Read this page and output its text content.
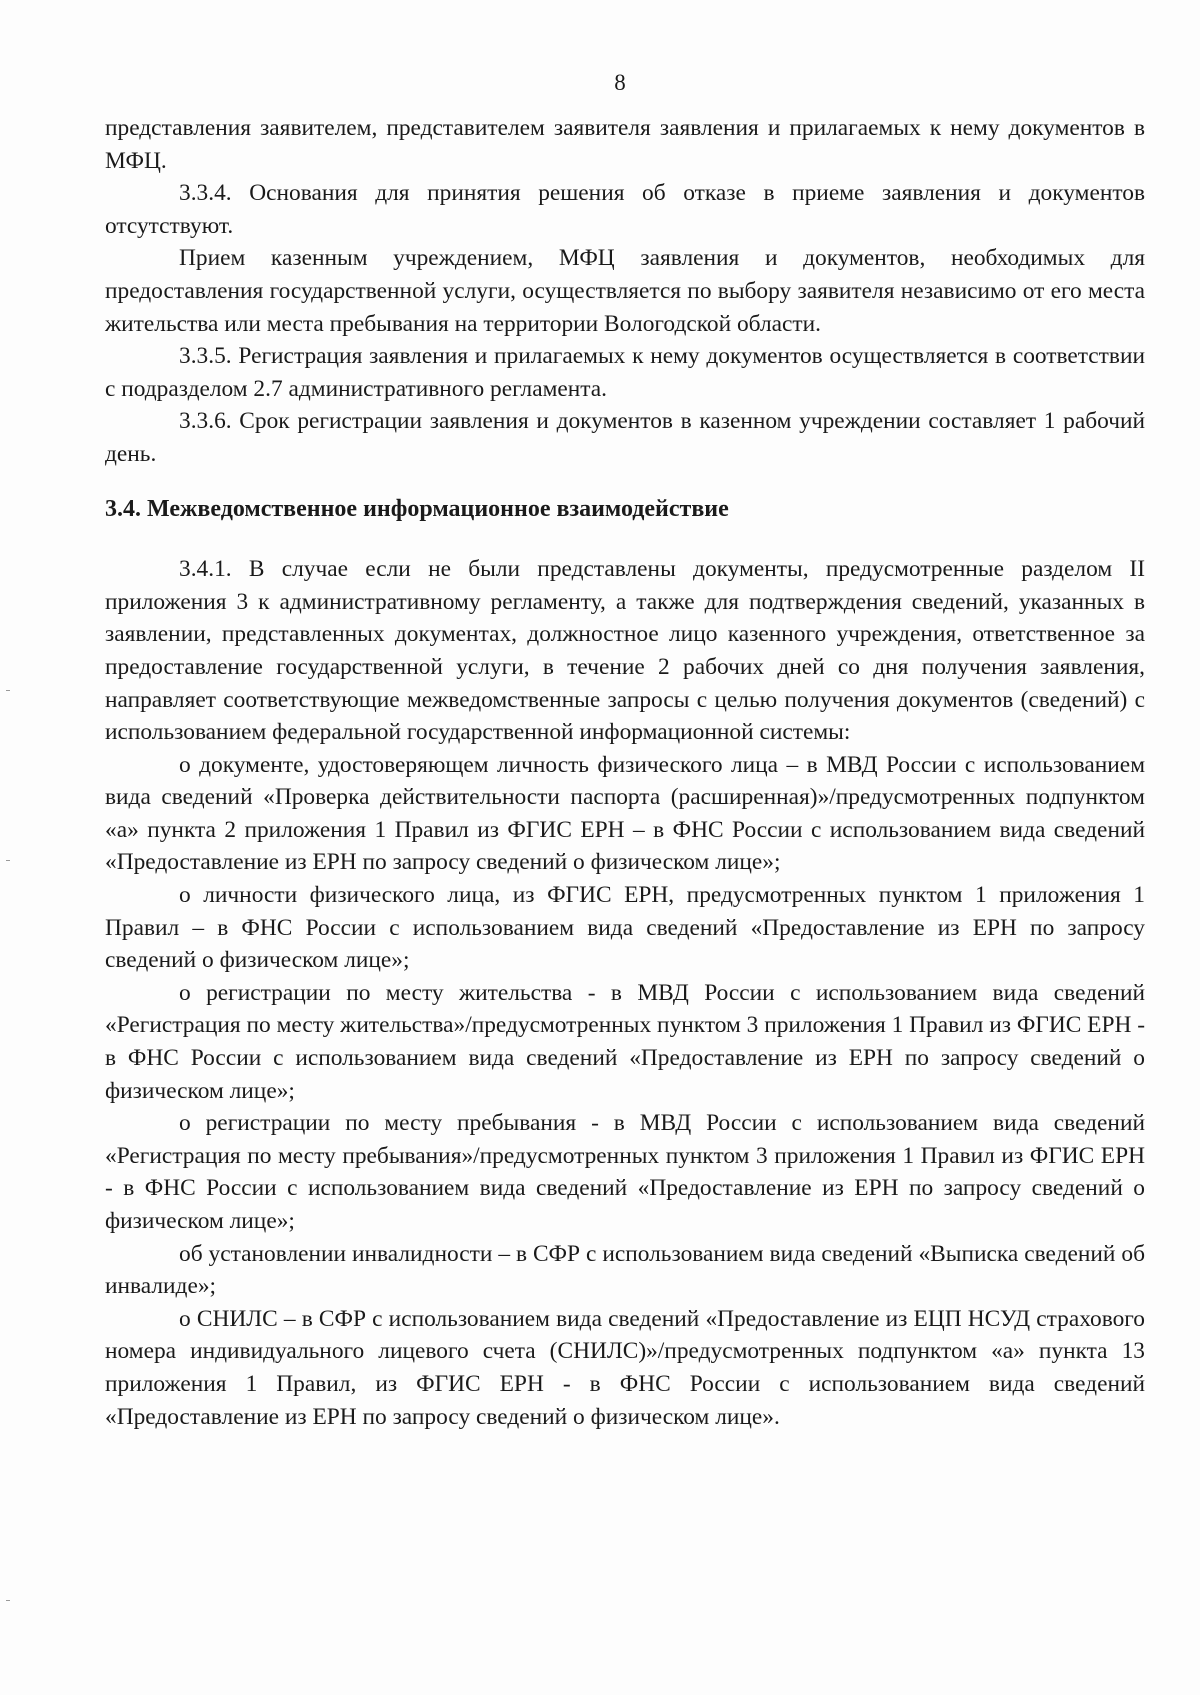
8

представления заявителем, представителем заявителя заявления и прилагаемых к нему документов в МФЦ.

3.3.4. Основания для принятия решения об отказе в приеме заявления и документов отсутствуют.

Прием казенным учреждением, МФЦ заявления и документов, необходимых для предоставления государственной услуги, осуществляется по выбору заявителя независимо от его места жительства или места пребывания на территории Вологодской области.

3.3.5. Регистрация заявления и прилагаемых к нему документов осуществляется в соответствии с подразделом 2.7 административного регламента.

3.3.6. Срок регистрации заявления и документов в казенном учреждении составляет 1 рабочий день.

3.4. Межведомственное информационное взаимодействие

3.4.1. В случае если не были представлены документы, предусмотренные разделом II приложения 3 к административному регламенту, а также для подтверждения сведений, указанных в заявлении, представленных документах, должностное лицо казенного учреждения, ответственное за предоставление государственной услуги, в течение 2 рабочих дней со дня получения заявления, направляет соответствующие межведомственные запросы с целью получения документов (сведений) с использованием федеральной государственной информационной системы:

о документе, удостоверяющем личность физического лица – в МВД России с использованием вида сведений «Проверка действительности паспорта (расширенная)»/предусмотренных подпунктом «а» пункта 2 приложения 1 Правил из ФГИС ЕРН – в ФНС России с использованием вида сведений «Предоставление из ЕРН по запросу сведений о физическом лице»;

о личности физического лица, из ФГИС ЕРН, предусмотренных пунктом 1 приложения 1 Правил – в ФНС России с использованием вида сведений «Предоставление из ЕРН по запросу сведений о физическом лице»;

о регистрации по месту жительства - в МВД России с использованием вида сведений «Регистрация по месту жительства»/предусмотренных пунктом 3 приложения 1 Правил из ФГИС ЕРН - в ФНС России с использованием вида сведений «Предоставление из ЕРН по запросу сведений о физическом лице»;

о регистрации по месту пребывания - в МВД России с использованием вида сведений «Регистрация по месту пребывания»/предусмотренных пунктом 3 приложения 1 Правил из ФГИС ЕРН - в ФНС России с использованием вида сведений «Предоставление из ЕРН по запросу сведений о физическом лице»;

об установлении инвалидности – в СФР с использованием вида сведений «Выписка сведений об инвалиде»;

о СНИЛС – в СФР с использованием вида сведений «Предоставление из ЕЦП НСУД страхового номера индивидуального лицевого счета (СНИЛС)»/предусмотренных подпунктом «а» пункта 13 приложения 1 Правил, из ФГИС ЕРН - в ФНС России с использованием вида сведений «Предоставление из ЕРН по запросу сведений о физическом лице».
